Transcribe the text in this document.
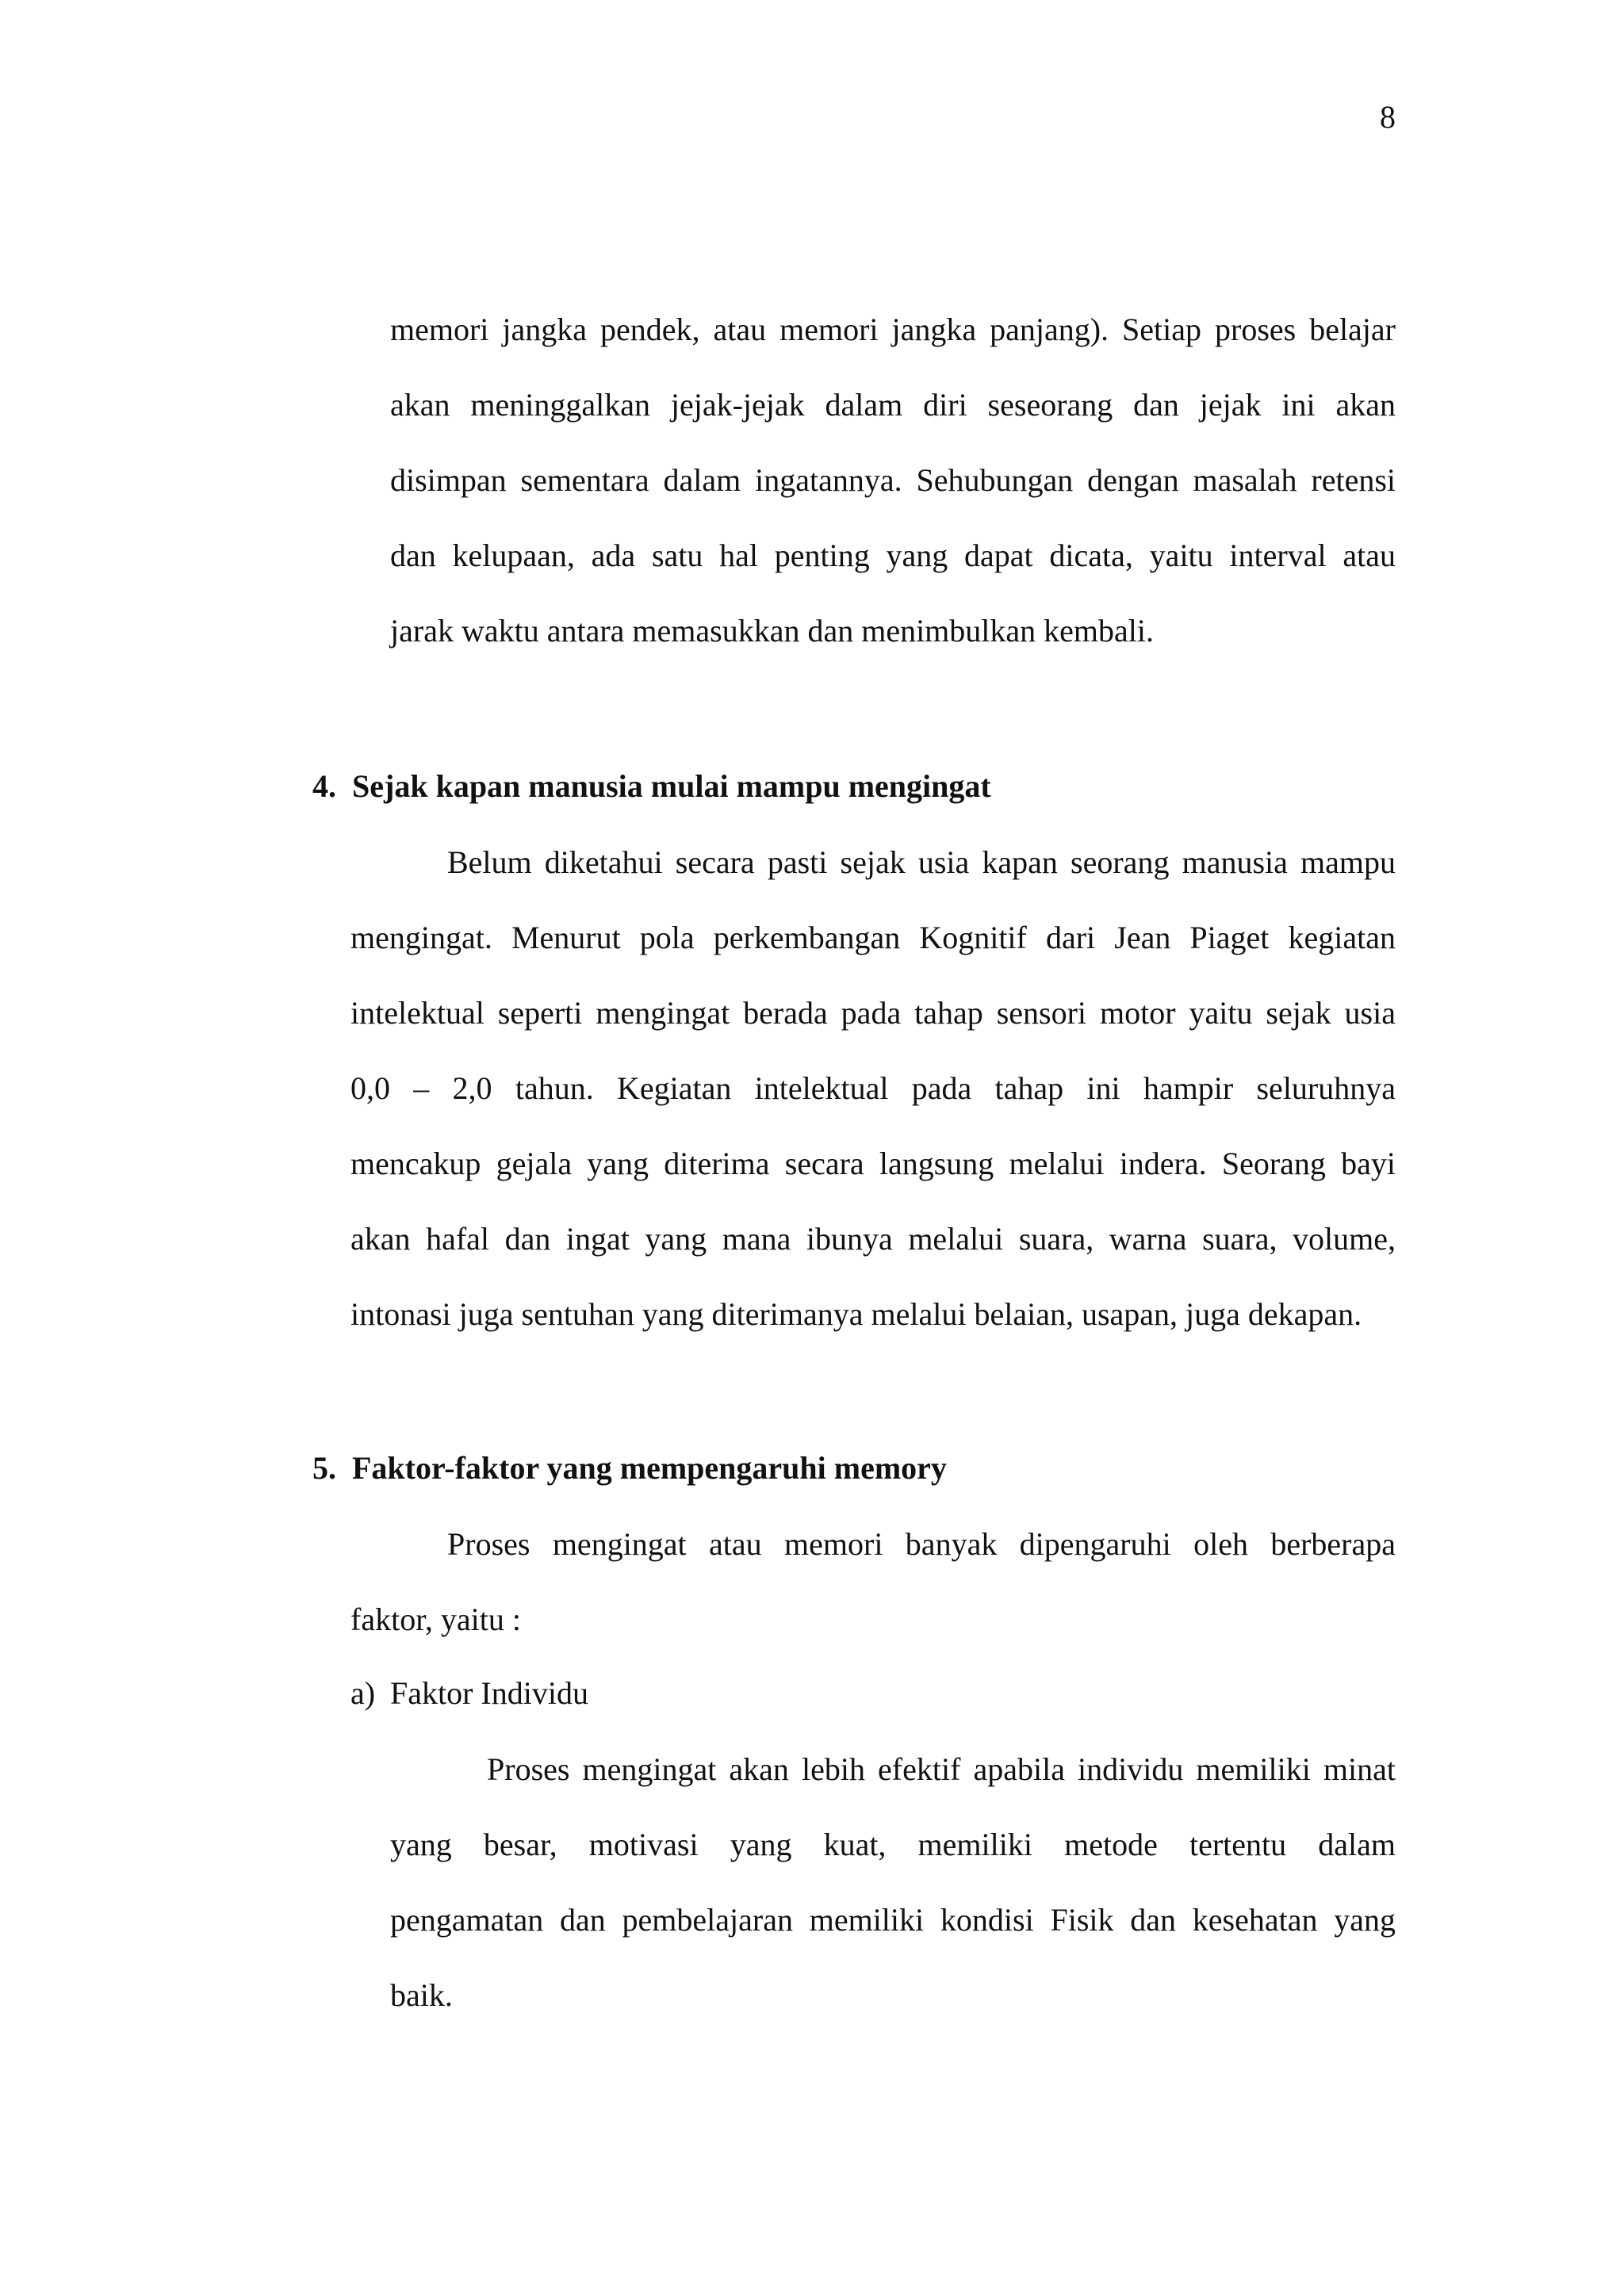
8
memori jangka pendek, atau memori jangka panjang). Setiap proses belajar
akan meninggalkan jejak-jejak dalam diri seseorang dan jejak ini akan
disimpan sementara dalam ingatannya. Sehubungan dengan masalah retensi
dan kelupaan, ada satu hal penting yang dapat dicata, yaitu interval atau
jarak waktu antara memasukkan dan menimbulkan kembali.
4. Sejak kapan manusia mulai mampu mengingat
Belum diketahui secara pasti sejak usia kapan seorang manusia mampu
mengingat. Menurut pola perkembangan Kognitif dari Jean Piaget kegiatan
intelektual seperti mengingat berada pada tahap sensori motor yaitu sejak usia
0,0 – 2,0 tahun. Kegiatan intelektual pada tahap ini hampir seluruhnya
mencakup gejala yang diterima secara langsung melalui indera. Seorang bayi
akan hafal dan ingat yang mana ibunya melalui suara, warna suara, volume,
intonasi juga sentuhan yang diterimanya melalui belaian, usapan, juga dekapan.
5. Faktor-faktor yang mempengaruhi memory
Proses mengingat atau memori banyak dipengaruhi oleh berberapa
faktor, yaitu :
a) Faktor Individu
Proses mengingat akan lebih efektif apabila individu memiliki minat
yang besar, motivasi yang kuat, memiliki metode tertentu dalam
pengamatan dan pembelajaran memiliki kondisi Fisik dan kesehatan yang
baik.
